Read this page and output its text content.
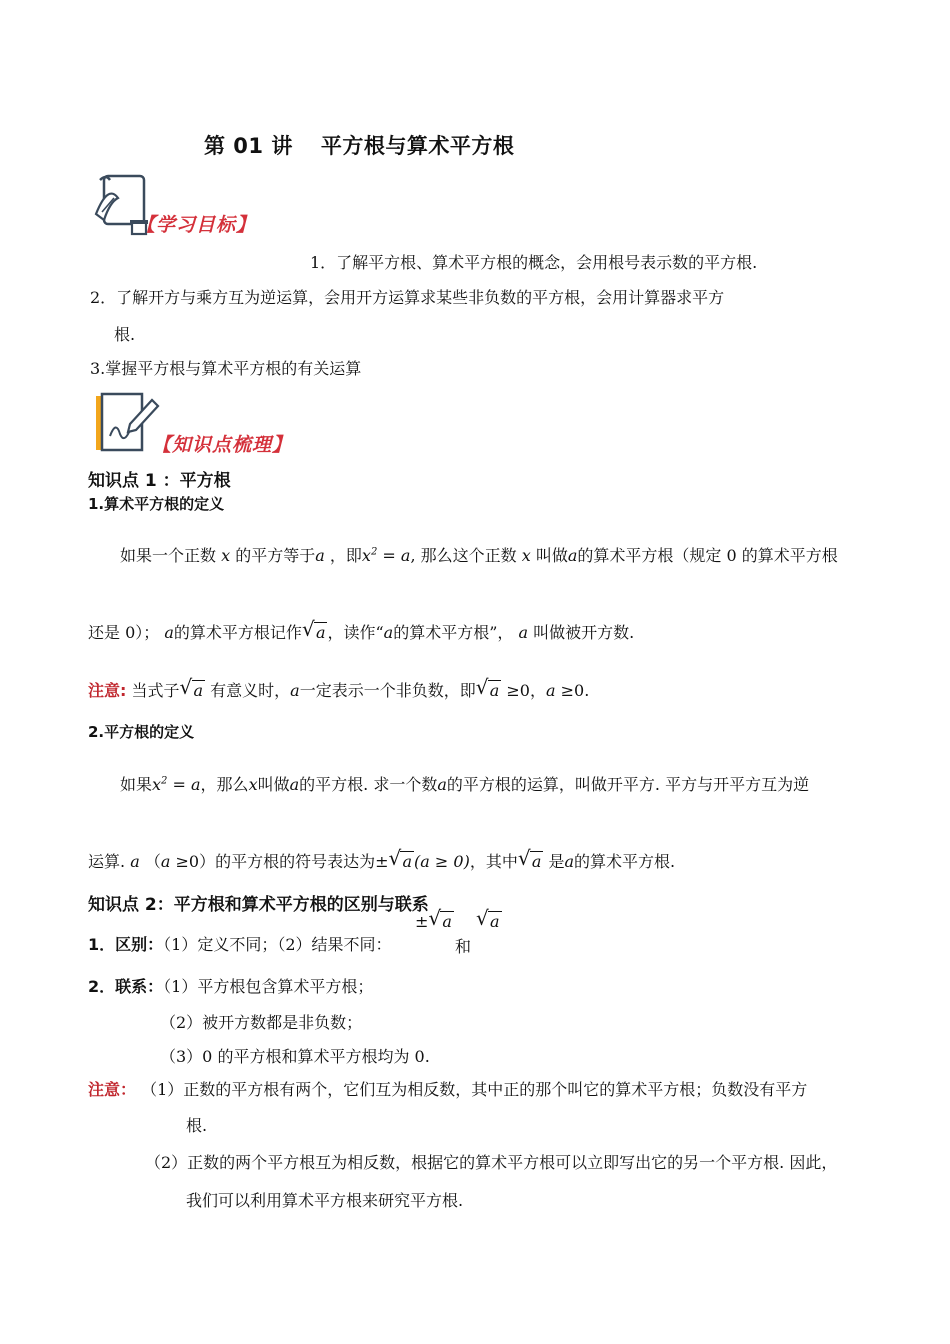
第 01 讲 平方根与算术平方根
【学习目标】
1．了解平方根、算术平方根的概念，会用根号表示数的平方根.
2．了解开方与乘方互为逆运算，会用开方运算求某些非负数的平方根，会用计算器求平方
根.
3.掌握平方根与算术平方根的有关运算
【知识点梳理】
知识点 1 ：平方根
1.算术平方根的定义
如果一个正数 x 的平方等于a ，即$x^2 = a$, 那么这个正数 x 叫做a的算术平方根（规定 0 的算术平方根
还是 0）； a的算术平方根记作 √ a ，读作“a的算术平方根”， a 叫做被开方数.
注意: 当式子 √ a 有意义时，a一定表示一个非负数，即 √ a ≥0，a ≥0.
2.平方根的定义
如果$x^2 = a$，那么x叫做a的平方根. 求一个数a的平方根的运算，叫做开平方. 平方与开平方互为逆
运算. a （a ≥0）的平方根的符号表达为± √ a (a ≥ 0)，其中 √ a 是a的算术平方根.
知识点 2：平方根和算术平方根的区别与联系
1．区别：（1）定义不同；（2）结果不同：
± √ a
和
√ a
2．联系：（1）平方根包含算术平方根；
（2）被开方数都是非负数；
（3）0 的平方根和算术平方根均为 0.
注意： （1）正数的平方根有两个，它们互为相反数，其中正的那个叫它的算术平方根；负数没有平方
根.
（2）正数的两个平方根互为相反数，根据它的算术平方根可以立即写出它的另一个平方根. 因此，
我们可以利用算术平方根来研究平方根.
